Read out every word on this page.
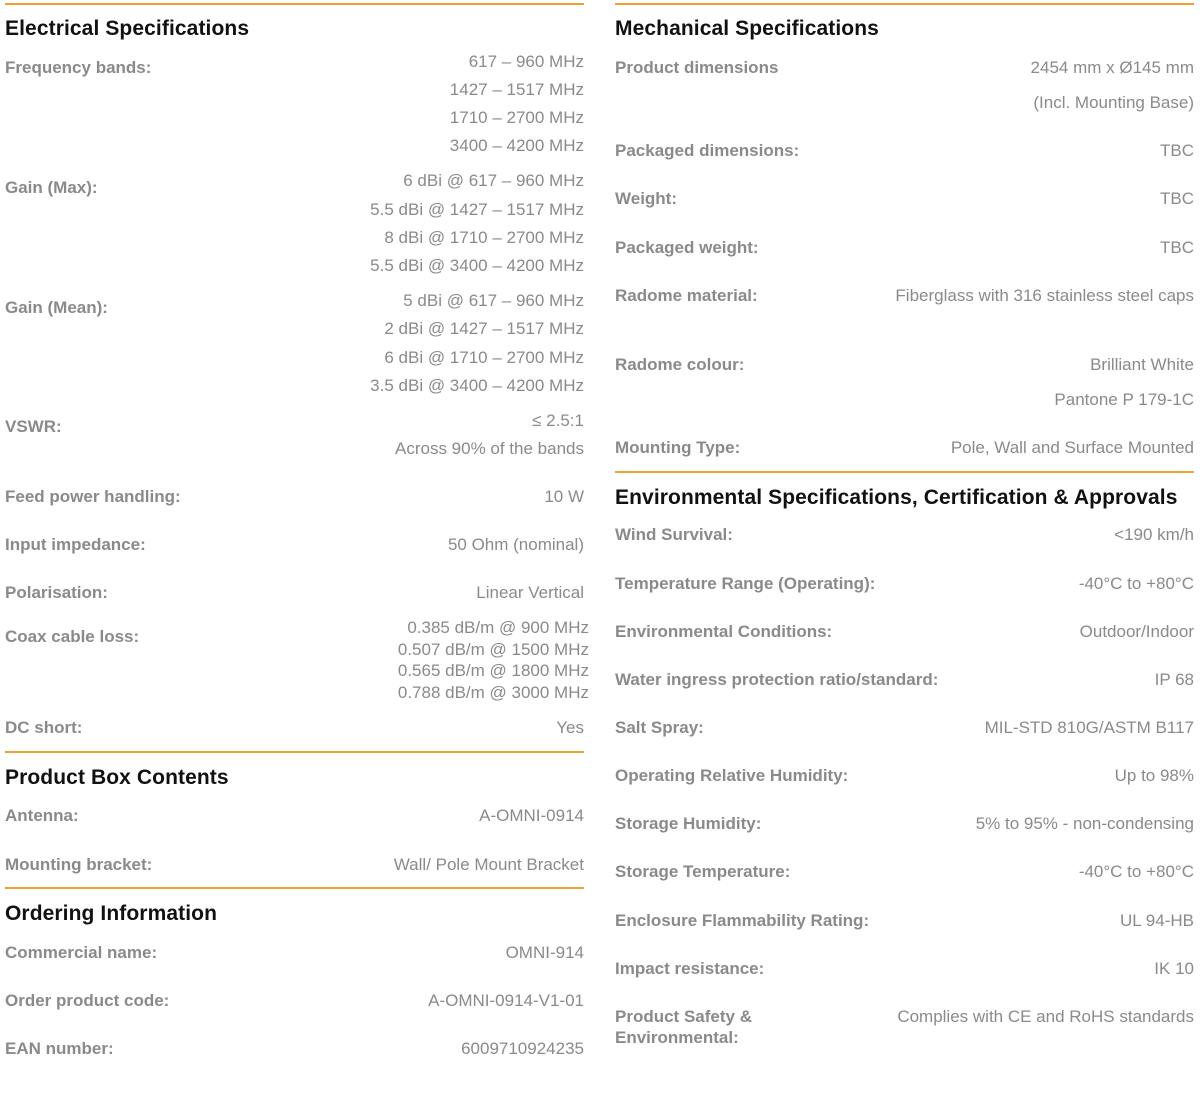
Electrical Specifications
Frequency bands:	617 – 960 MHz
1427 – 1517 MHz
1710 – 2700 MHz
3400 – 4200 MHz
Gain (Max):	6 dBi @ 617 – 960 MHz
5.5 dBi @ 1427 – 1517 MHz
8 dBi @ 1710 – 2700 MHz
5.5 dBi @ 3400 – 4200 MHz
Gain (Mean):	5 dBi @ 617 – 960 MHz
2 dBi @ 1427 – 1517 MHz
6 dBi @ 1710 – 2700 MHz
3.5 dBi @ 3400 – 4200 MHz
VSWR:	≤ 2.5:1
Across 90% of the bands
Feed power handling:	10 W
Input impedance:	50 Ohm (nominal)
Polarisation:	Linear Vertical
Coax cable loss:	0.385 dB/m @ 900 MHz
0.507 dB/m @ 1500 MHz
0.565 dB/m @ 1800 MHz
0.788 dB/m @ 3000 MHz
DC short:	Yes
Product Box Contents
Antenna:	A-OMNI-0914
Mounting bracket:	Wall/ Pole Mount Bracket
Ordering Information
Commercial name:	OMNI-914
Order product code:	A-OMNI-0914-V1-01
EAN number:	6009710924235
Mechanical Specifications
Product dimensions	2454 mm x Ø145 mm
(Incl. Mounting Base)
Packaged dimensions:	TBC
Weight:	TBC
Packaged weight:	TBC
Radome material:	Fiberglass with 316 stainless steel caps
Radome colour:	Brilliant White
Pantone P 179-1C
Mounting Type:	Pole, Wall and Surface Mounted
Environmental Specifications, Certification & Approvals
Wind Survival:	<190 km/h
Temperature Range (Operating):	-40°C to +80°C
Environmental Conditions:	Outdoor/Indoor
Water ingress protection ratio/standard:	IP 68
Salt Spray:	MIL-STD 810G/ASTM B117
Operating Relative Humidity:	Up to 98%
Storage Humidity:	5% to 95% - non-condensing
Storage Temperature:	-40°C to +80°C
Enclosure Flammability Rating:	UL 94-HB
Impact resistance:	IK 10
Product Safety &
Environmental:
Complies with CE and RoHS standards
